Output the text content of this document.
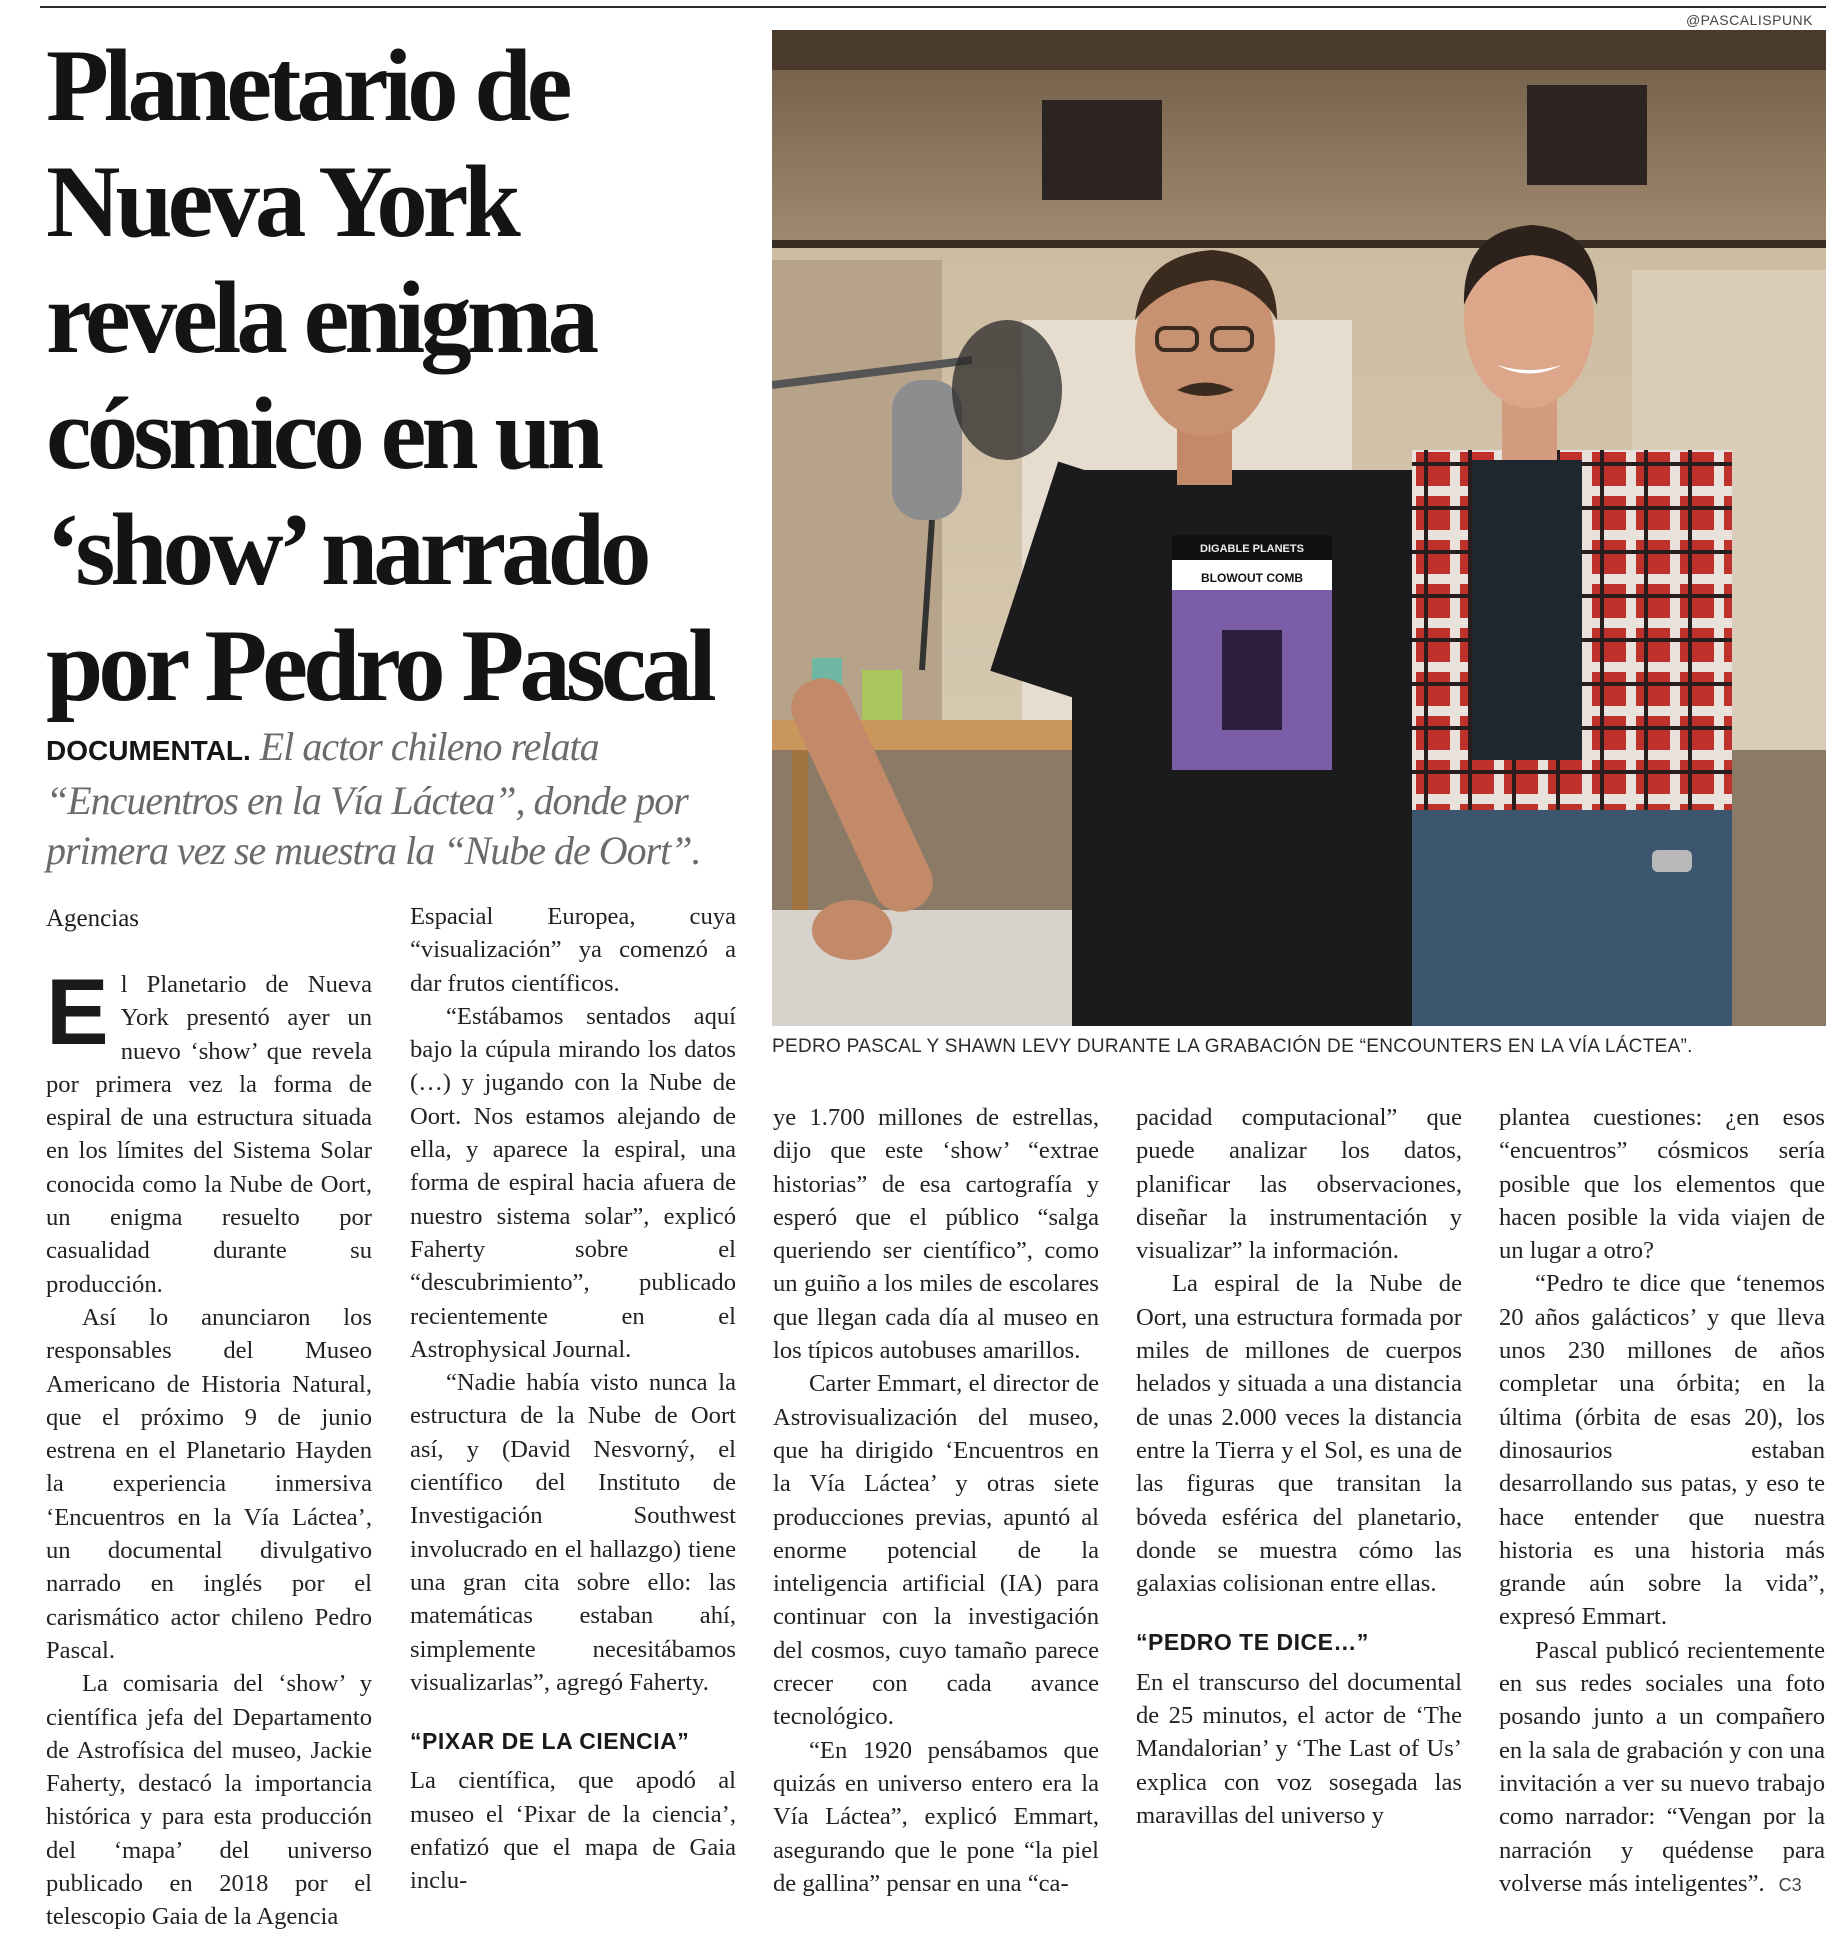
@PASCALISPUNK
Planetario de
Nueva York
revela enigma
cósmico en un
‘show’ narrado
por Pedro Pascal

DOCUMENTAL. El actor chileno relata “Encuentros en la Vía Láctea”, donde por primera vez se muestra la “Nube de Oort”.

Agencias
BLOWOUT COMB
DIGABLE PLANETS
PEDRO PASCAL Y SHAWN LEVY DURANTE LA GRABACIÓN DE “ENCOUNTERS EN LA VÍA LÁCTEA”.

El Planetario de Nueva York presentó ayer un nuevo ‘show’ que revela por primera vez la forma de espiral de una estructura situada en los límites del Sistema Solar conocida como la Nube de Oort, un enigma resuelto por casualidad durante su producción.

Así lo anunciaron los responsables del Museo Americano de Historia Natural, que el próximo 9 de junio estrena en el Planetario Hayden la experiencia inmersiva ‘Encuentros en la Vía Láctea’, un documental divulgativo narrado en inglés por el carismático actor chileno Pedro Pascal.

La comisaria del ‘show’ y científica jefa del Departamento de Astrofísica del museo, Jackie Faherty, destacó la importancia histórica y para esta producción del ‘mapa’ del universo publicado en 2018 por el telescopio Gaia de la Agencia

Espacial Europea, cuya “visualización” ya comenzó a dar frutos científicos.

“Estábamos sentados aquí bajo la cúpula mirando los datos (…) y jugando con la Nube de Oort. Nos estamos alejando de ella, y aparece la espiral, una forma de espiral hacia afuera de nuestro sistema solar”, explicó Faherty sobre el “descubrimiento”, publicado recientemente en el Astrophysical Journal.

“Nadie había visto nunca la estructura de la Nube de Oort así, y (David Nesvorný, el científico del Instituto de Investigación Southwest involucrado en el hallazgo) tiene una gran cita sobre ello: las matemáticas estaban ahí, simplemente necesitábamos visualizarlas”, agregó Faherty.

“PIXAR DE LA CIENCIA”

La científica, que apodó al museo el ‘Pixar de la ciencia’, enfatizó que el mapa de Gaia inclu-

ye 1.700 millones de estrellas, dijo que este ‘show’ “extrae historias” de esa cartografía y esperó que el público “salga queriendo ser científico”, como un guiño a los miles de escolares que llegan cada día al museo en los típicos autobuses amarillos.

Carter Emmart, el director de Astrovisualización del museo, que ha dirigido ‘Encuentros en la Vía Láctea’ y otras siete producciones previas, apuntó al enorme potencial de la inteligencia artificial (IA) para continuar con la investigación del cosmos, cuyo tamaño parece crecer con cada avance tecnológico.

“En 1920 pensábamos que quizás en universo entero era la Vía Láctea”, explicó Emmart, asegurando que le pone “la piel de gallina” pensar en una “ca-

pacidad computacional” que puede analizar los datos, planificar las observaciones, diseñar la instrumentación y visualizar” la información.

La espiral de la Nube de Oort, una estructura formada por miles de millones de cuerpos helados y situada a una distancia de unas 2.000 veces la distancia entre la Tierra y el Sol, es una de las figuras que transitan la bóveda esférica del planetario, donde se muestra cómo las galaxias colisionan entre ellas.

“PEDRO TE DICE…”

En el transcurso del documental de 25 minutos, el actor de ‘The Mandalorian’ y ‘The Last of Us’ explica con voz sosegada las maravillas del universo y

plantea cuestiones: ¿en esos “encuentros” cósmicos sería posible que los elementos que hacen posible la vida viajen de un lugar a otro?

“Pedro te dice que ‘tenemos 20 años galácticos’ y que lleva unos 230 millones de años completar una órbita; en la última (órbita de esas 20), los dinosaurios estaban desarrollando sus patas, y eso te hace entender que nuestra historia es una historia más grande aún sobre la vida”, expresó Emmart.

Pascal publicó recientemente en sus redes sociales una foto posando junto a un compañero en la sala de grabación y con una invitación a ver su nuevo trabajo como narrador: “Vengan por la narración y quédense para volverse más inteligentes”. C3
